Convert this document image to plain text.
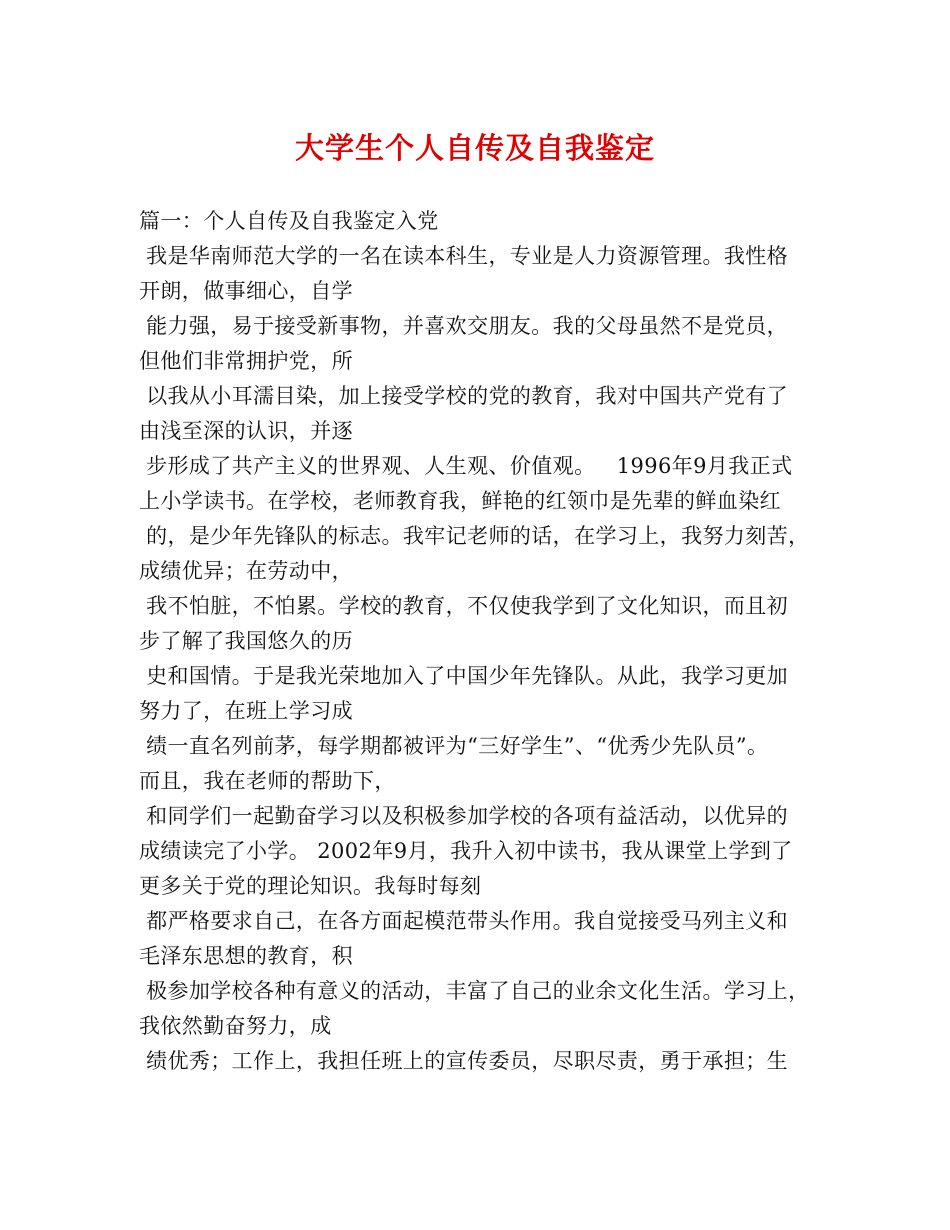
大学生个人自传及自我鉴定
篇一：个人自传及自我鉴定入党
我是华南师范大学的一名在读本科生，专业是人力资源管理。我性格
开朗，做事细心，自学
能力强，易于接受新事物，并喜欢交朋友。我的父母虽然不是党员，
但他们非常拥护党，所
以我从小耳濡目染，加上接受学校的党的教育，我对中国共产党有了
由浅至深的认识，并逐
步形成了共产主义的世界观、人生观、价值观。   1996年9月我正式
上小学读书。在学校，老师教育我，鲜艳的红领巾是先辈的鲜血染红
的，是少年先锋队的标志。我牢记老师的话，在学习上，我努力刻苦，
成绩优异；在劳动中，
我不怕脏，不怕累。学校的教育，不仅使我学到了文化知识，而且初
步了解了我国悠久的历
史和国情。于是我光荣地加入了中国少年先锋队。从此，我学习更加
努力了，在班上学习成
绩一直名列前茅，每学期都被评为“三好学生”、“优秀少先队员”。
而且，我在老师的帮助下，
和同学们一起勤奋学习以及积极参加学校的各项有益活动，以优异的
成绩读完了小学。 2002年9月，我升入初中读书，我从课堂上学到了
更多关于党的理论知识。我每时每刻
都严格要求自己，在各方面起模范带头作用。我自觉接受马列主义和
毛泽东思想的教育，积
极参加学校各种有意义的活动，丰富了自己的业余文化生活。学习上，
我依然勤奋努力，成
绩优秀；工作上，我担任班上的宣传委员，尽职尽责，勇于承担；生
